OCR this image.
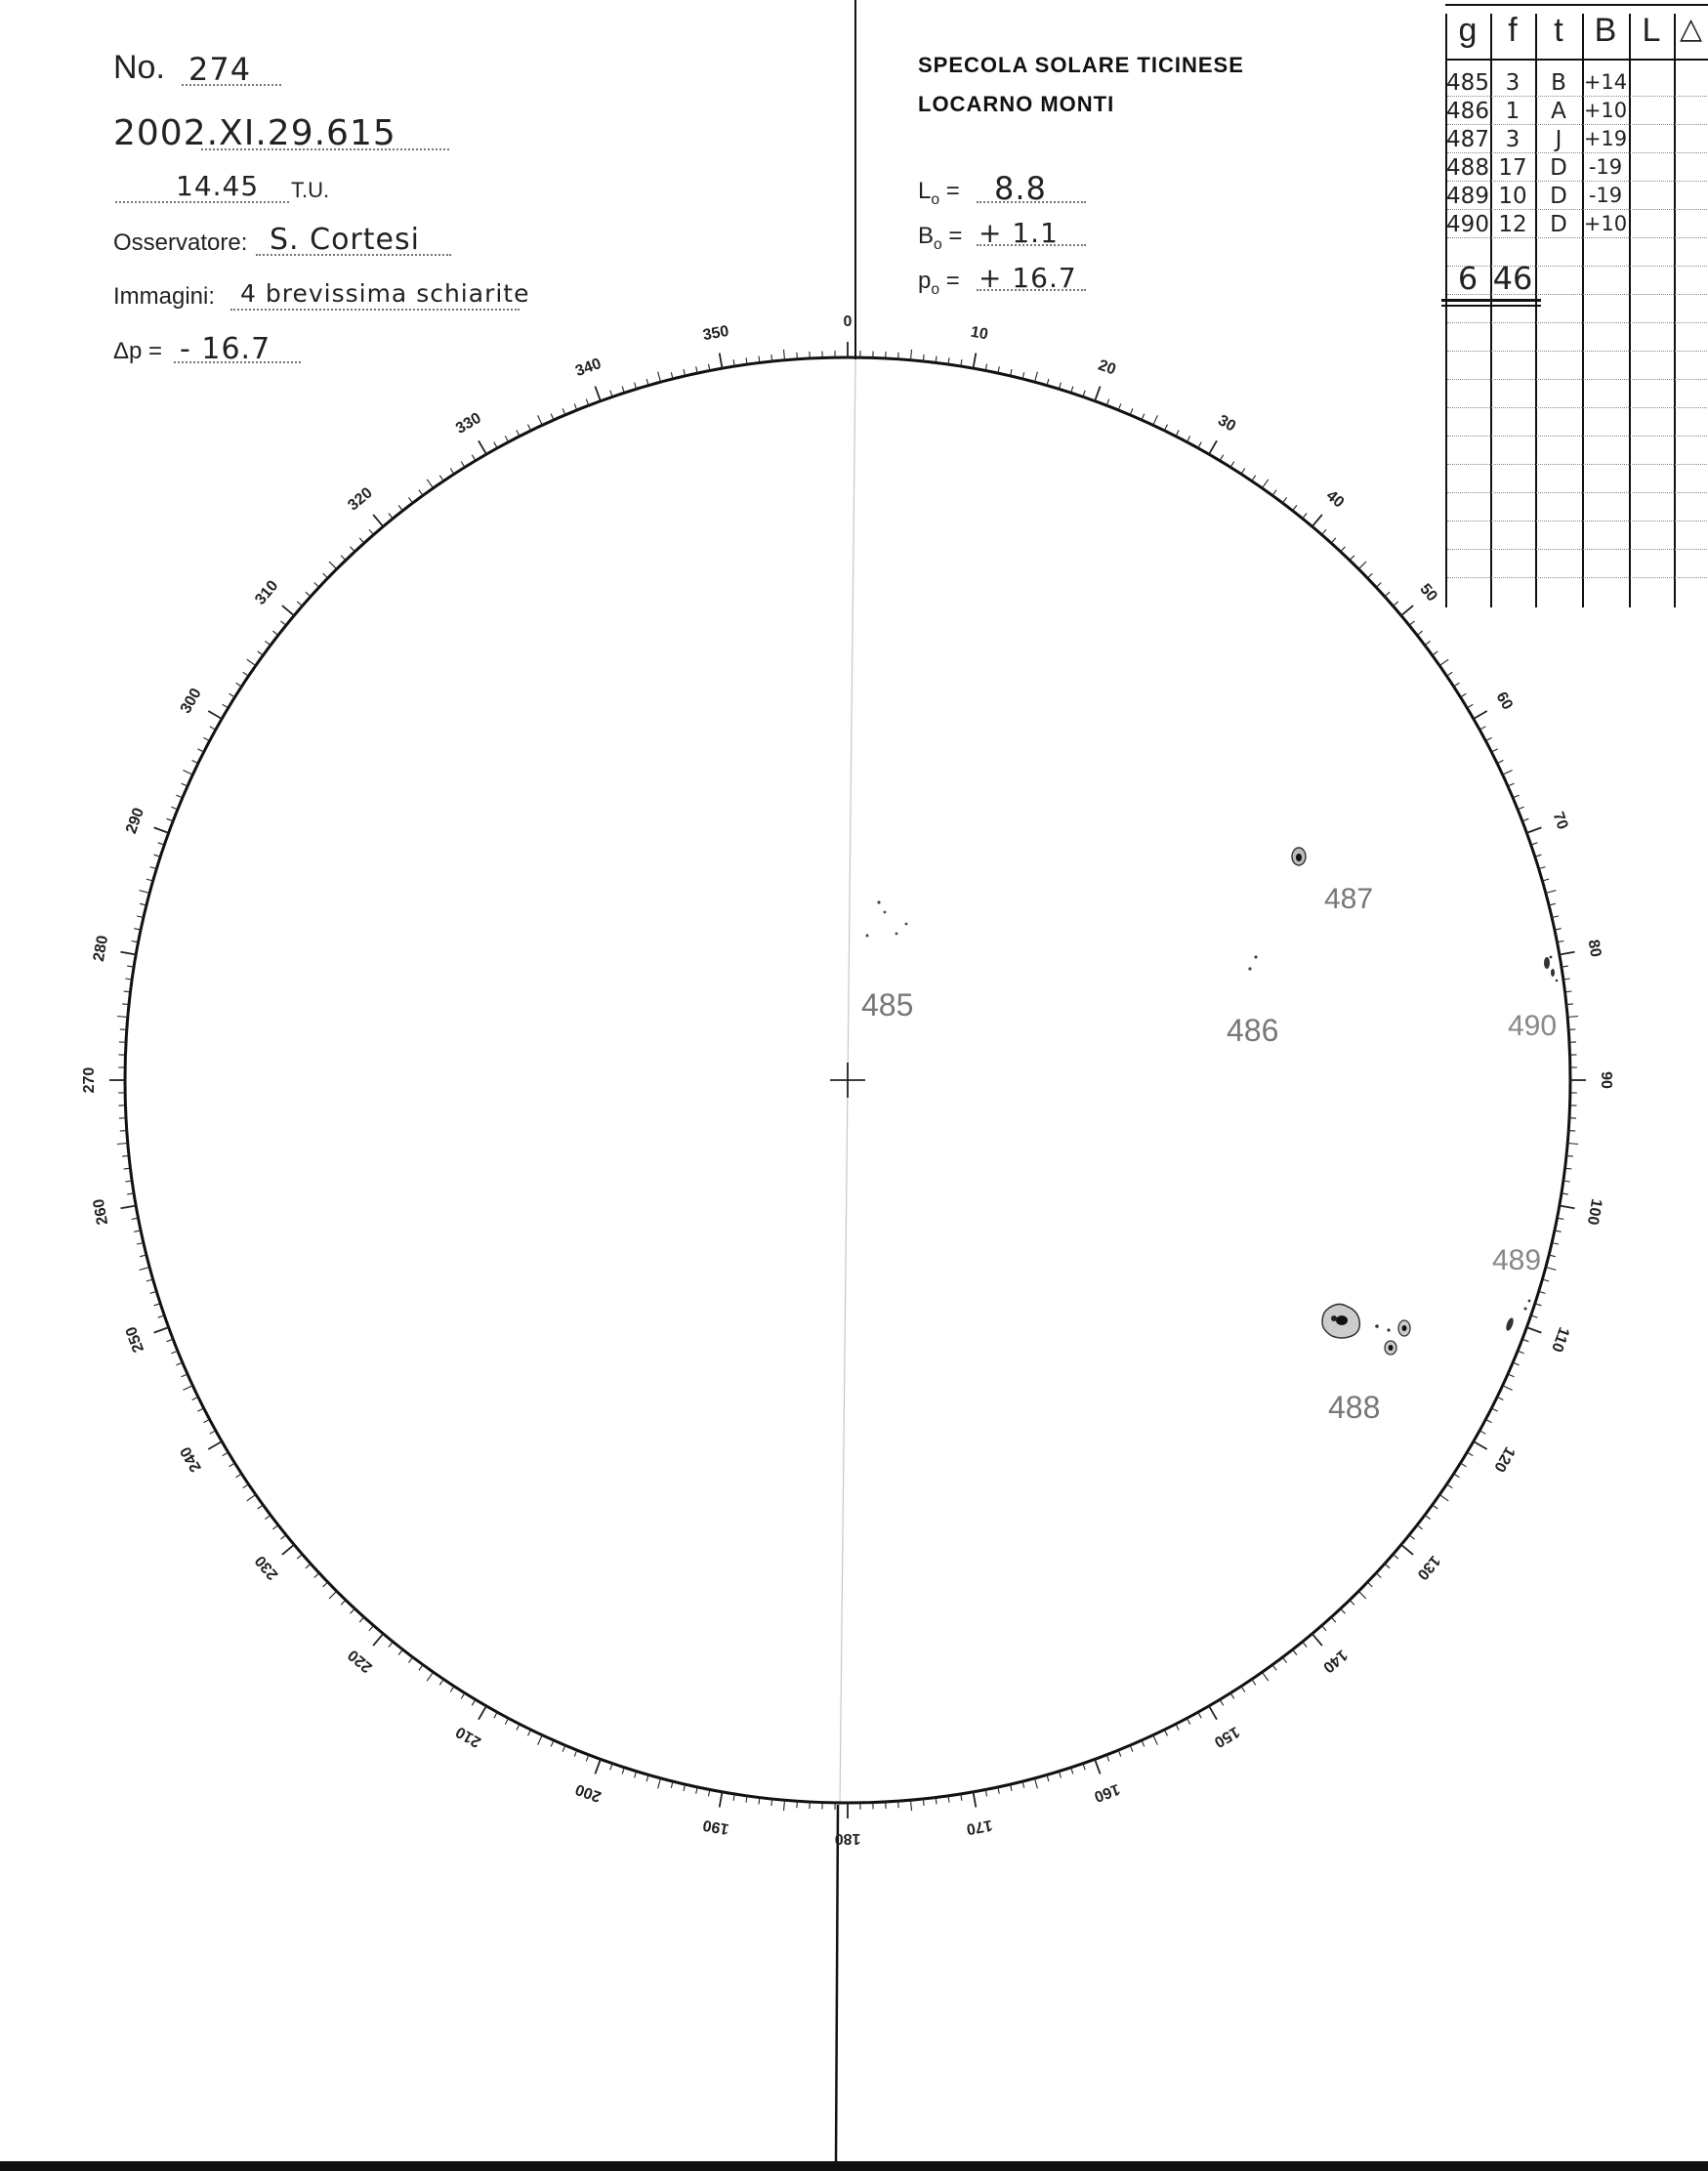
No. 274
2002.XI.29.615
14.45 T.U.
Osservatore: S. Cortesi
Immagini: 4 brevissima schiarite
Δp = - 16.7
SPECOLA SOLARE TICINESE
LOCARNO MONTI
$L_o = 8.8$
$B_o$ = + 1.1
$p_o$ = + 16.7
g f	t B L △
485 3	B +14
486 1	A +10
487 3	J	+19
488 17	D	-19
489 10	D	-19
490 12	D +10
6 46
0
10
20
30
40
50
60
70
80
90
100
110
120
130
140
150
160
170
180
190
200
210
220
230
240
250
260
270
280
290
300
310
320
330
340
350
485
486
487
488
489
490
